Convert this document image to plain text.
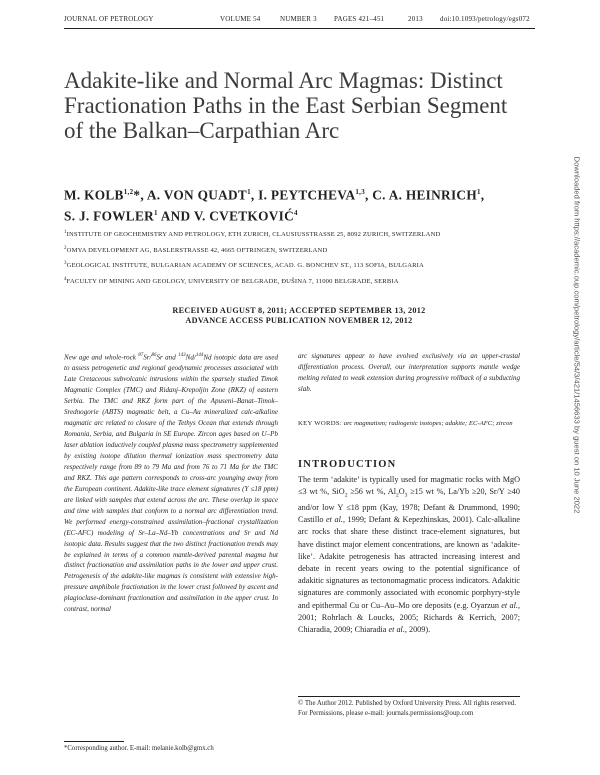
JOURNAL OF PETROLOGY	VOLUME 54	NUMBER 3 PAGES 421–451	2013 doi:10.1093/petrology/egs072
Adakite-like and Normal Arc Magmas: Distinct
Fractionation Paths in the East Serbian Segment
of the Balkan–Carpathian Arc
M. KOLB$^{1,2}$*, A. VON QUADT$^1$, I. PEYTCHEVA$^{1,3}$, C. A. HEINRICH$^1$,
S. J. FOWLER$^1$ AND V. CVETKOVIĆ$^4$
$^1$INSTITUTE OF GEOCHEMISTRY AND PETROLOGY, ETH ZURICH, CLAUSIUSSTRASSE 25, 8092 ZURICH, SWITZERLAND
$^2$OMYA DEVELOPMENT AG, BASLERSTRASSE 42, 4665 OFTRINGEN, SWITZERLAND
$^3$GEOLOGICAL INSTITUTE, BULGARIAN ACADEMY OF SCIENCES, ACAD. G. BONCHEV ST., 113 SOFIA, BULGARIA
$^4$FACULTY OF MINING AND GEOLOGY, UNIVERSITY OF BELGRADE, ĐUŠINA 7, 11000 BELGRADE, SERBIA
RECEIVED AUGUST 8, 2011; ACCEPTED SEPTEMBER 13, 2012
ADVANCE ACCESS PUBLICATION NOVEMBER 12, 2012
New age and whole-rock $^{87}$Sr/$^{86}$Sr and $^{143}$Nd/$^{144}$Nd isotopic data are used to assess petrogenetic and regional geodynamic processes associated with Late Cretaceous subvolcanic intrusions within the sparsely studied Timok Magmatic Complex (TMC) and Ridanj–Krepoljin Zone (RKZ) of eastern Serbia. The TMC and RKZ form part of the Apuseni–Banat–Timok–Srednogorie (ABTS) magmatic belt, a Cu–Au mineralized calc-alkaline magmatic arc related to closure of the Tethys Ocean that extends through Romania, Serbia, and Bulgaria in SE Europe. Zircon ages based on U–Pb laser ablation inductively coupled plasma mass spectrometry supplemented by existing isotope dilution thermal ionization mass spectrometry data respectively range from 89 to 79 Ma and from 76 to 71 Ma for the TMC and RKZ. This age pattern corresponds to cross-arc younging away from the European continent. Adakite-like trace element signatures (Y ≤18 ppm) are linked with samples that extend across the arc. These overlap in space and time with samples that conform to a normal arc differentiation trend. We performed energy-constrained assimilation–fractional crystallization (EC-AFC) modeling of Sr–La–Nd–Yb concentrations and Sr and Nd isotopic data. Results suggest that the two distinct fractionation trends may be explained in terms of a common mantle-derived parental magma but distinct fractionation and assimilation paths in the lower and upper crust. Petrogenesis of the adakite-like magmas is consistent with extensive high-pressure amphibole fractionation in the lower crust followed by ascent and plagioclase-dominant fractionation and assimilation in the upper crust. In contrast, normal
arc signatures appear to have evolved exclusively via an upper-crustal differentiation process. Overall, our interpretation supports mantle wedge melting related to weak extension during progressive rollback of a subducting slab.
KEY WORDS: arc magmatism; radiogenic isotopes; adakite; EC-AFC; zircon
INTRODUCTION
The term ‘adakite’ is typically used for magmatic rocks with MgO ≤3 wt %, SiO$_2$ ≥56 wt %, $Al_2O_3 \ge 15$ wt %, La/Yb ≥20, Sr/Y ≥40 and/or low Y ≤18 ppm (Kay, 1978; Defant & Drummond, 1990; Castillo et al., 1999; Defant & Kepezhinskas, 2001). Calc-alkaline arc rocks that share these distinct trace-element signatures, but have distinct major element concentrations, are known as ‘adakite-like’. Adakite petrogenesis has attracted increasing interest and debate in recent years owing to the potential significance of adakitic signatures as tectonomagmatic process indicators. Adakitic signatures are commonly associated with economic porphyry-style and epithermal Cu or Cu–Au–Mo ore deposits (e.g. Oyarzun et al., 2001; Rohrlach & Loucks, 2005; Richards & Kerrich, 2007; Chiaradia, 2009; Chiaradia et al., 2009).
© The Author 2012. Published by Oxford University Press. All rights reserved. For Permissions, please e-mail: journals.permissions@oup.com
*Corresponding author. E-mail: melanie.kolb@gmx.ch
Downloaded from https://academic.oup.com/petrology/article/54/3/421/1456633 by guest on 10 June 2022
